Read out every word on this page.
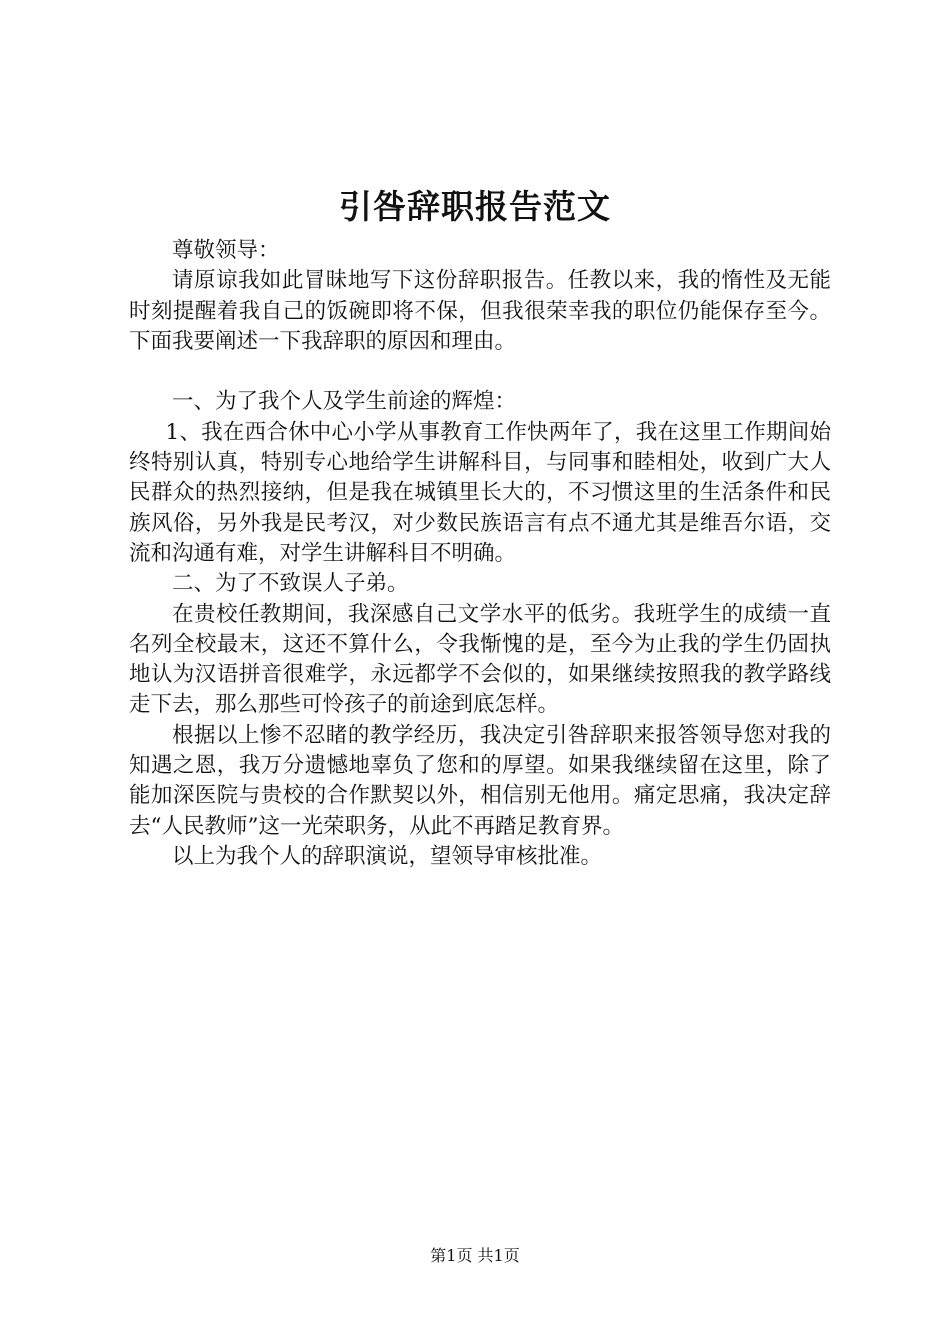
引咎辞职报告范文

尊敬领导：

请原谅我如此冒昧地写下这份辞职报告。任教以来，我的惰性及无能时刻提醒着我自己的饭碗即将不保，但我很荣幸我的职位仍能保存至今。下面我要阐述一下我辞职的原因和理由。

一、为了我个人及学生前途的辉煌：

1、我在西合休中心小学从事教育工作快两年了，我在这里工作期间始终特别认真，特别专心地给学生讲解科目，与同事和睦相处，收到广大人民群众的热烈接纳，但是我在城镇里长大的，不习惯这里的生活条件和民族风俗，另外我是民考汉，对少数民族语言有点不通尤其是维吾尔语，交流和沟通有难，对学生讲解科目不明确。

二、为了不致误人子弟。

在贵校任教期间，我深感自己文学水平的低劣。我班学生的成绩一直名列全校最末，这还不算什么，令我惭愧的是，至今为止我的学生仍固执地认为汉语拼音很难学，永远都学不会似的，如果继续按照我的教学路线走下去，那么那些可怜孩子的前途到底怎样。

根据以上惨不忍睹的教学经历，我决定引咎辞职来报答领导您对我的知遇之恩，我万分遗憾地辜负了您和的厚望。如果我继续留在这里，除了能加深医院与贵校的合作默契以外，相信别无他用。痛定思痛，我决定辞去“人民教师”这一光荣职务，从此不再踏足教育界。

以上为我个人的辞职演说，望领导审核批准。

第1页 共1页
